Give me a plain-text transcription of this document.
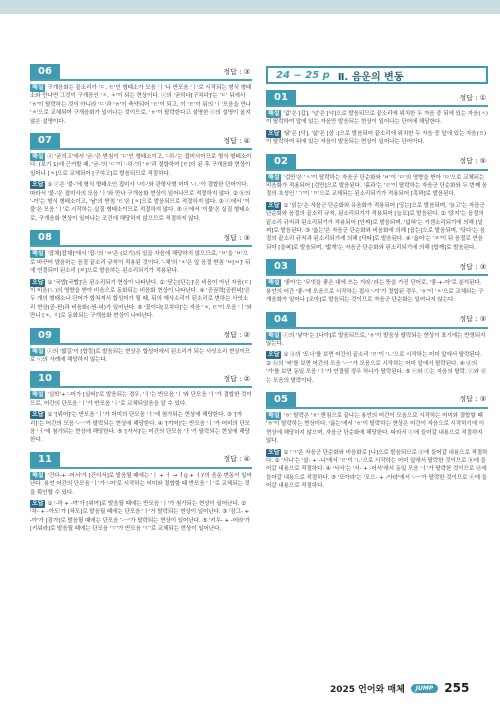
06	정답 : ③
해설 구개음화는 끝소리가 'ㄷ, ㅌ'인 형태소가 모음 'ㅣ'나 반모음 'ㅣ'로 시작되는 형식 형태소와 만나면 그것이 구개음인 'ㅈ, ㅊ'이 되는 현상이다. ⓒ의 '굳히다[구치다]'는 'ㄷ' 뒤에서 'ㅎ'이 탈락하는 것이 아니라 'ㄷ'과 'ㅎ'이 축약되어 'ㅌ'이 되고, 이 'ㅌ'이 뒤의 'ㅣ'모음을 만나 'ㅊ'으로 교체되어 구개음화가 일어나는 것이므로, 'ㅎ'이 탈락한다고 설명한 ⓒ의 설명이 올지 않은 설명이다.
07	정답 : ④
해설 ⓐ '굳히고'에서 '굳-'은 받침이 'ㄷ'인 형태소이고, '-히-'는 접미사이므로 형식 형태소이다. (보기 1)에 근거할 때, '굳-'의 'ㄷ'이 '-히-'의 'ㅎ'과 결합하여 [ㅌ]이 된 후 구개음화 현상이 일어나 [ㅊ]으로 교체되어 [구치고]로 발음되므로 적절하다.
오답 ① ⓒ은 '붙-'에 형식 형태소인 접미사 '-이-'와 관형사형 어미 '-ㄴ'이 결합한 단어이다. 따라서 '붙-'은 접미사의 모음 'ㅣ'와 만나 구개음화 현상이 일어나므로 적절하지 않다. ② ⓑ의 '-이'는 형식 형태소이고, '낱'의 받침 'ㅌ'은 [ㅊ]으로 발음되므로 적절하지 않다. ③ ⓒ에서 '이불'은 모음 'ㅣ'로 시작하는 실질 형태소이므로 적절하지 않다. ⑤ ⓔ에서 '이불'은 실질 형태소로, 구개음화 현상이 일어나는 조건에 해당하지 않으므로 적절하지 않다.
08	정답 : ③
해설 '잡채[잡채]'에서 '잡-'의 'ㅂ'은 (보기)의 일곱 자음에 해당하지 않으므로, 'ㅁ'을 'ㅂ'으로 바꾸어 말음하는 음절 끝소리 규칙이 적용된 것이다. '-채'의 'ㅊ'은 앞 음절 받침 'ㅂ[ㅂ]' 뒤에 연결되어 된소리 [ㅉ]으로 발음하는 된소리되기가 적용된다.
오답 ① '국밥[국빱]'은 된소리되기 현상이 나타난다. ② '닫는[단는]'은 비음이 아닌 자음(ㄷ)이 비음(ㄴ)의 영향을 받아 비음으로 동화되는 비음화 현상이 나타난다. ④ '공권력[공꿘녁]'은 두 개의 형태소나 단어가 합쳐져서 합성어가 될 때, 뒤의 예사소리가 된소리로 변하는 사잇소리 현상(공-꿘)과 비음화(-꿘-녁)가 일어난다. ⑤ '꽃이다[꼬치다]'는 자음 'ㅊ, ㅌ'이 모음 'ㅣ'와 만나 [ㅊ, ㅈ]로 동화되는 구개음화 현상이 나타난다.
09	정답 : ②
해설 ⓒ의 '밟길'이 [밥낄]로 발음되는 현상은 합성어에서 된소리가 되는 사잇소리 현상이므로 ⓒ의 사례에 해당하지 않는다.
10	정답 : ②
해설 '실학'+ '-어가 [실버]'로 발음되는 경우, 'ㅕ'는 반모음 'ㅣ'와 단모음 'ㅓ'가 결합한 것이므로, 어간의 단모음 'ㅣ'가 반모음 'ㅣ'로 교체되었음을 알 수 있다.
오답 ① '[위어]'는 반모음 'ㅣ'가 어미의 단모음 'ㅓ'에 첨가되는 현상에 해당한다. ③ '[자리]'는 어간의 모음 '-ㅡ'가 탈락되는 현상에 해당한다. ④ '[끼어]'는 반모음 'ㅣ'가 어미의 단모음 'ㅓ'에 첨가되는 현상에 해당한다. ⑤ '[자서]'는 어간의 단모음 'ㅏ'가 탈락되는 현상에 해당한다.
11	정답 : ④
해설 '건다-+ -어서'가 [건더서]로 발음될 때에는 'ㅣ + ㅓ → ㅕ(j + ㅓ)'의 음운 변동이 일어난다. 용언 어간의 단모음 'ㅣ'가 '-어'로 시작하는 어미와 결합할 때 반모음 'ㅣ'로 교체되는 것을 확인할 수 있다.
오답 ① '-하 + -여'가 [위여]로 발음될 때에는 반모음 'ㅣ'가 첨가되는 현상이 일어난다. ② '차- + -아도'가 [차도]로 발음될 때에는 단모음 'ㅏ'가 탈락되는 현상이 일어난다. ③ '잠그- + -아'가 [잠가]로 발음될 때에는 단모음 '-ㅡ'가 탈락되는 현상이 일어난다. ⑤ '키우- + -어라'가 [키워라]로 발음될 때에는 단모음 'ㅜ'가 반모음 'ㅜ'로 교체되는 현상이 일어난다.
24 ~ 25 p Ⅱ. 음운의 변동
01	정답 : ①
해설 '값'은 [갑], '넋'은 [넉]으로 발음되므로 끝소리에 위치한 두 자음 중 뒤에 있는 자음(ㅅ)이 탈락하여 앞에 있는 자음만 발음되는 현상이 일어나는 단어에 해당한다.
오답 '닭'은 [닥], '삶'은 [삼 :]으로 발음되어 끝소리에 위치한 두 자음 중 앞에 있는 자음(ㄹ)이 탈락하여 뒤에 있는 자음이 발음되는 현상이 일어나는 단어이다.
02	정답 : ⑤
해설 '겁만'은 'ㅅ'이 탈락하는 자음군 단순화와 'ㅂ'이 'ㅁ'의 영향을 받아 'ㅁ'으로 교체되는 비음화가 적용되어 [검만]으로 발음된다. '흙과'는 'ㄹ'이 탈락하는 자음군 단순화와 두 번째 음절의 초성인 'ㄱ'이 'ㄲ'으로 교체되는 된소리되기가 적용되어 [흑꽈]로 발음된다.
오답 ① '읽는'은 자음군 단순화와 유음화가 적용되어 [잉는]으로 발음되며, '늙고'는 자음군 단순화와 음절의 끝소리 규칙, 된소리되기가 적용되어 [늘꼬]로 발음된다. ② '앉지'는 음절의 끝소리 규칙과 된소리되기가 적용되어 [안찌]로 발음되며, '넓혀'는 거센소리되기에 의해 [널펴]로 발음된다. ③ '읊는'은 자음군 단순화와 비음화에 의해 [읍는]으로 발음되며, '닦다'는 음절의 끝소리 규칙과 된소리되기에 의해 [닥따]로 발음된다. ④ '읊어'는 'ㅍ'이 뒤 음절로 연음되어 [을퍼]로 발음되며, '밟게'는 자음군 단순화와 된소리되기에 의해 [밥께]로 발음된다.
03	정답 : ③
해설 '좋아'는 '무엇을 좋은 대에 쓰는 거라.'라는 뜻을 가진 단어로, '좋-+-아'로 분석된다. 용언의 어간 '좋-'에 모음으로 시작하는 접사 '-이'가 결합된 경우, 'ㅎ'이 'ㅊ'으로 교체되는 구개음화가 일어나 [조아]로 발음되는 것이므로 자음군 단순화는 일어나지 않는다.
04	정답 : ③
해설 ⓒ의 '낳아'는 [나아]로 발음되므로, 'ㅎ'이 발음상 탈락되는 현상이 표기에는 반영되지 않는다.
오답 ① ⓐ의 '도너'를 보면 어간의 끝소리 'ㄹ'이 'ㄴ'으로 시작하는 어미 앞에서 탈락된다. ② ⓑ의 '써'를 보면 어간의 모음 '-ㅡ'가 모음으로 시작하는 어미 앞에서 탈락된다. ④ ⓓ의 '가'를 보면 동일 모음 'ㅏ'가 연결될 경우 하나가 탈락된다. ⑤ ⓔ와 ⓕ는 자음의 탈락, ⓒ와 ⓓ는 모음의 탈락이다.
05	정답 : ③
해설 'ㅎ' 탈락은 'ㅎ' 받침으로 끝나는 용언의 어간이 모음으로 시작하는 어미와 결합할 때 'ㅎ'이 탈락하는 현상이다. '끓는'에서 'ㅎ'이 탈락하는 현상은 어간이 자음으로 시작하기에 이 현상에 해당하지 않으며, 자음군 단순화에 해당한다. 따라서 ⓒ에 들어갈 내용으로 적절하지 않다.
오답 ① 'ㄱ'은 자음군 단순화와 비음화로 [니]으로 발음되므로 ⓐ에 들어갈 내용으로 적절하다. ② '서니'는 '살- + -니'에서 'ㄹ'이 'ㄴ'으로 시작하는 어미 앞에서 탈락한 것이므로 ⓑ에 들어갈 내용으로 적절하다. ④ '서서'는 '서- + -어서'에서 동일 모음 'ㅓ'가 탈락한 것이므로 ⓓ에 들어갈 내용으로 적절하다. ⑤ '모아라'는 '모으- + -아라'에서 '-ㅡ'가 탈락한 것이므로 ⓔ에 들어갈 내용으로 적절하다.
2025 언어와 매체	JUMP 255
